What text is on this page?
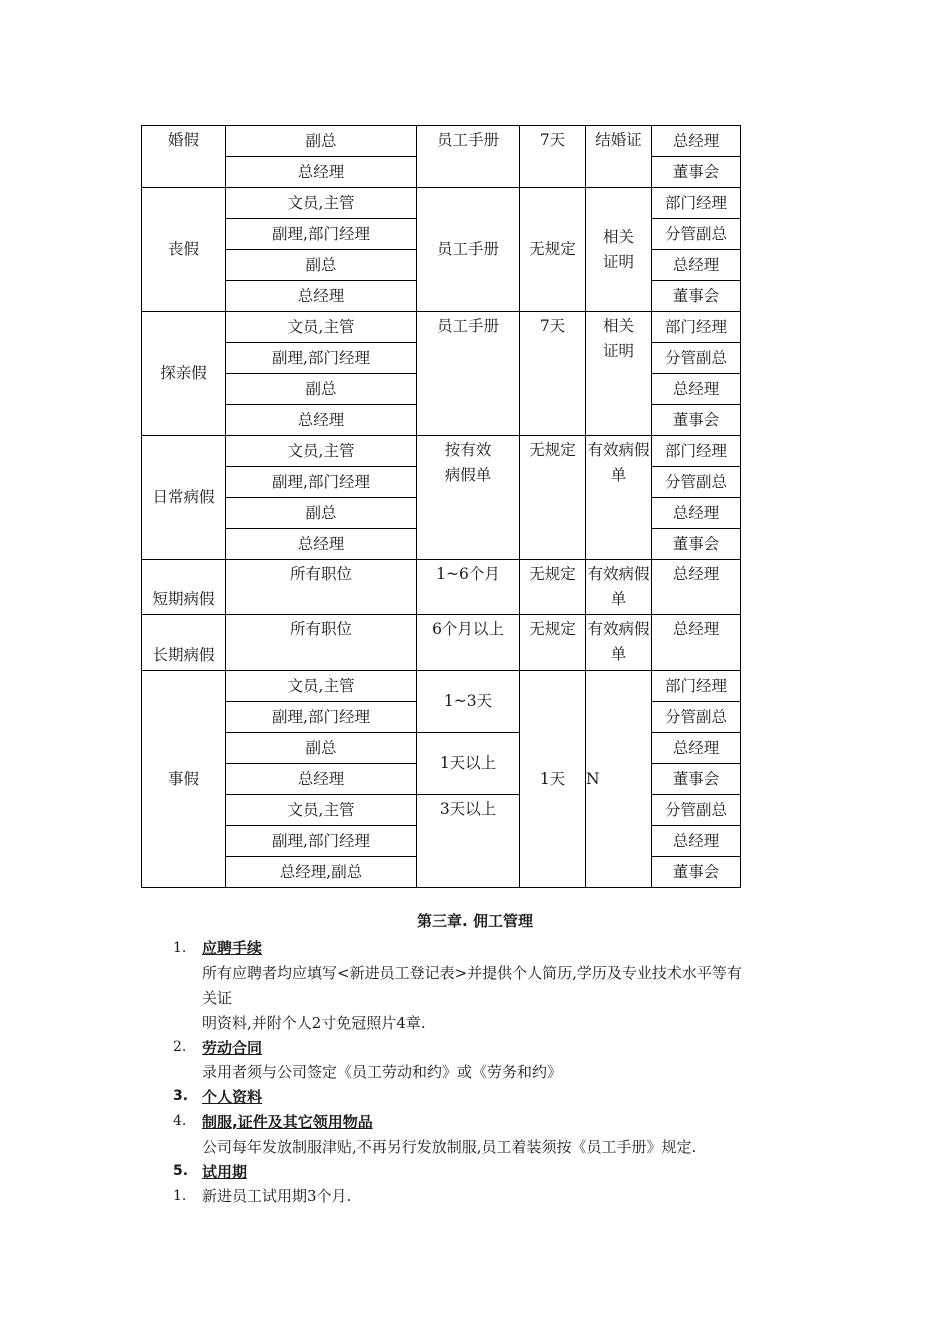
婚假	副总	员工手册	7天	结婚证	总经理
	总经理				董事会
丧假	文员,主管	员工手册	无规定	相关证明	部门经理
	副理,部门经理				分管副总
	副总				总经理
	总经理				董事会
探亲假	文员,主管	员工手册	7天	相关证明	部门经理
	副理,部门经理				分管副总
	副总				总经理
	总经理				董事会
日常病假	文员,主管	按有效病假单	无规定	有效病假单	部门经理
	副理,部门经理				分管副总
	副总				总经理
	总经理				董事会
短期病假	所有职位	1~6个月	无规定	有效病假单	总经理
长期病假	所有职位	6个月以上	无规定	有效病假单	总经理
事假	文员,主管	1~3天	1天	N	部门经理
	副理,部门经理				分管副总
	副总	1天以上			总经理
	总经理				董事会
	文员,主管	3天以上			分管副总
	副理,部门经理				总经理
	总经理,副总				董事会
第三章. 佣工管理
1. 应聘手续
所有应聘者均应填写<新进员工登记表>并提供个人简历,学历及专业技术水平等有
关证
明资料,并附个人2寸免冠照片4章.
2. 劳动合同
录用者须与公司签定《员工劳动和约》或《劳务和约》
3. 个人资料
4. 制服,证件及其它领用物品
公司每年发放制服津贴,不再另行发放制服,员工着装须按《员工手册》规定.
5. 试用期
1. 新进员工试用期3个月.
